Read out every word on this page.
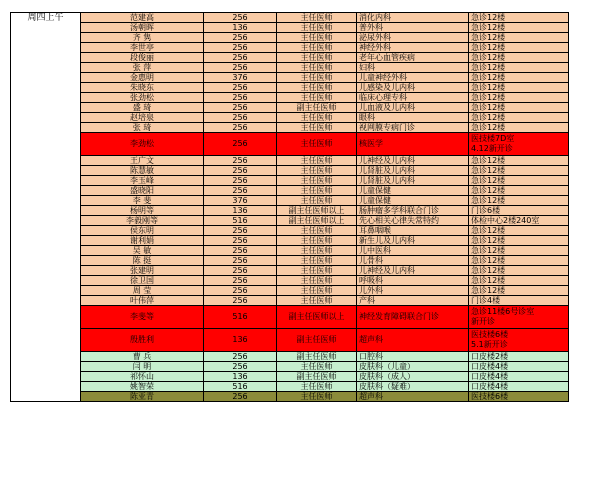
周四上午	范建高	256	主任医师	消化内科	急诊12楼
	汤朝晖	136	主任医师	普外科	急诊12楼
	齐 隽	256	主任医师	泌尿外科	急诊12楼
	李世亭	256	主任医师	神经外科	急诊12楼
	段俊丽	256	主任医师	老年心血管疾病	急诊12楼
	张 萍	256	主任医师	妇科	急诊12楼
	金惠明	376	主任医师	儿童神经外科	急诊12楼
	朱晓东	256	主任医师	儿感染及儿内科	急诊12楼
	张劲松	256	主任医师	临床心理专科	急诊12楼
	盛 琦	256	副主任医师	儿血液及儿内科	急诊12楼
	赵培泉	256	主任医师	眼科	急诊12楼
	张 琦	256	主任医师	视网膜专病门诊	急诊12楼
	李劲松	256	主任医师	核医学	医技楼7D室
4.12新开诊
	王广文	256	主任医师	儿神经及儿内科	急诊12楼
	陈慧敏	256	主任医师	儿肾脏及儿内科	急诊12楼
	李玉峰	256	主任医师	儿肾脏及儿内科	急诊12楼
	盛晓阳	256	主任医师	儿童保健	急诊12楼
	李 斐	376	主任医师	儿童保健	急诊12楼
	杨明等	136	副主任医师以上	肠肿瘤多学科联合门诊	门诊6楼
	李毅刚等	516	副主任医师以上	先心相关心律失常特约	体检中心2楼240室
	侯东明	256	主任医师	耳鼻咽喉	急诊12楼
	谢利娟	256	主任医师	新生儿及儿内科	急诊12楼
	吴 敏	256	主任医师	儿中医科	急诊12楼
	陈 挺	256	主任医师	儿骨科	急诊12楼
	张建明	256	主任医师	儿神经及儿内科	急诊12楼
	徐卫国	256	主任医师	呼吸科	急诊12楼
	周 莹	256	主任医师	儿外科	急诊12楼
	叶伟萍	256	主任医师	产科	门诊4楼
	李斐等	516	副主任医师以上	神经发育障碍联合门诊	急诊11楼6号诊室
新开诊
	殷胜利	136	副主任医师	超声科	医技楼6楼
5.1新开诊
	曹 兵	256	副主任医师	口腔科	口皮楼2楼
	闫 明	256	主任医师	皮肤科（儿童）	口皮楼4楼
	祁怀山	136	副主任医师	皮肤科（成人）	口皮楼4楼
	姚智荣	516	主任医师	皮肤科（疑难）	口皮楼4楼
	陈亚青	256	主任医师	超声科	医技楼6楼
